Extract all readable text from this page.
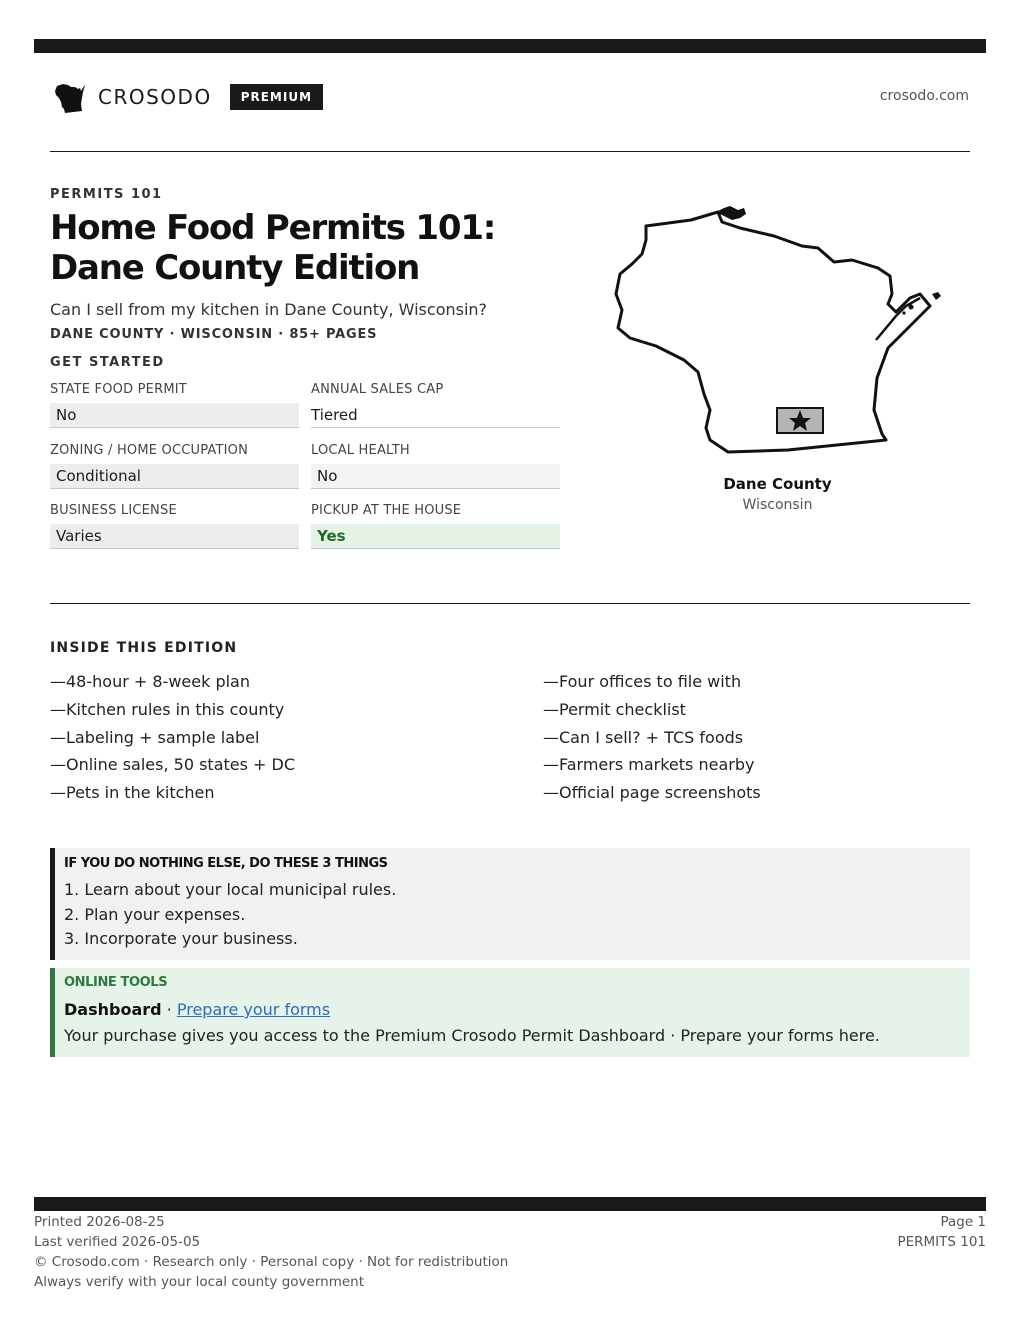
CROSODO	PREMIUM	crosodo.com
PERMITS 101
Home Food Permits 101: Dane County Edition
Can I sell from my kitchen in Dane County, Wisconsin?
DANE COUNTY · WISCONSIN · 85+ PAGES
GET STARTED
STATE FOOD PERMIT
No
ANNUAL SALES CAP
Tiered
ZONING / HOME OCCUPATION
Conditional
LOCAL HEALTH
No
BUSINESS LICENSE
Varies
PICKUP AT THE HOUSE
Yes
Dane County
Wisconsin
INSIDE THIS EDITION
—48-hour + 8-week plan
—Kitchen rules in this county
—Labeling + sample label
—Online sales, 50 states + DC
—Pets in the kitchen
—Four offices to file with
—Permit checklist
—Can I sell? + TCS foods
—Farmers markets nearby
—Official page screenshots
IF YOU DO NOTHING ELSE, DO THESE 3 THINGS
1. Learn about your local municipal rules.
2. Plan your expenses.
3. Incorporate your business.
ONLINE TOOLS
Dashboard · Prepare your forms
Your purchase gives you access to the Premium Crosodo Permit Dashboard · Prepare your forms here.
Printed 2026-08-25
Last verified 2026-05-05
© Crosodo.com · Research only · Personal copy · Not for redistribution
Always verify with your local county government
Page 1
PERMITS 101
